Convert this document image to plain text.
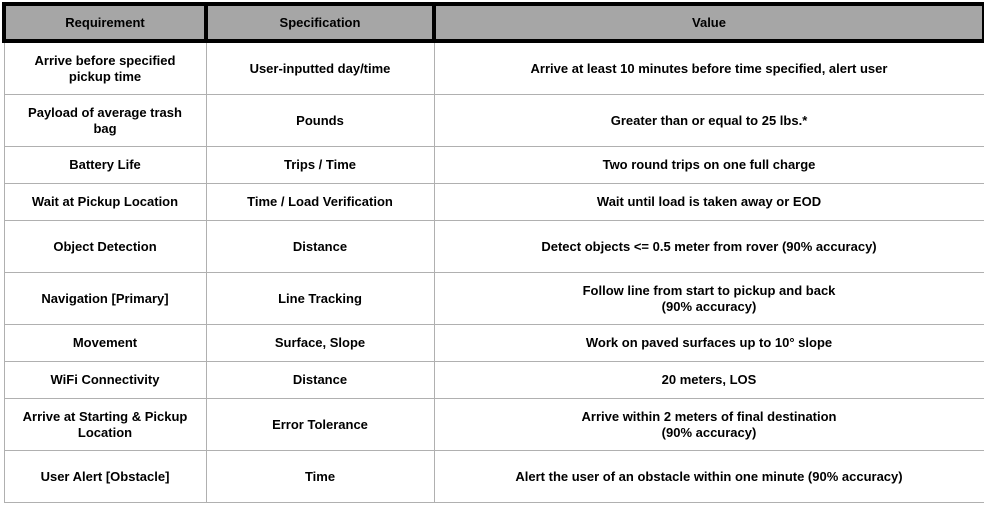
Requirement	Specification	Value
Arrive before specified
pickup time	User-inputted day/time	Arrive at least 10 minutes before time specified, alert user
Payload of average trash
bag	Pounds	Greater than or equal to 25 lbs.*
Battery Life	Trips / Time	Two round trips on one full charge
Wait at Pickup Location	Time / Load Verification	Wait until load is taken away or EOD
Object Detection	Distance	Detect objects <= 0.5 meter from rover (90% accuracy)
Navigation [Primary]	Line Tracking	Follow line from start to pickup and back
(90% accuracy)
Movement	Surface, Slope	Work on paved surfaces up to 10° slope
WiFi Connectivity	Distance	20 meters, LOS
Arrive at Starting & Pickup
Location	Error Tolerance	Arrive within 2 meters of final destination
(90% accuracy)
User Alert [Obstacle]	Time	Alert the user of an obstacle within one minute (90% accuracy)
